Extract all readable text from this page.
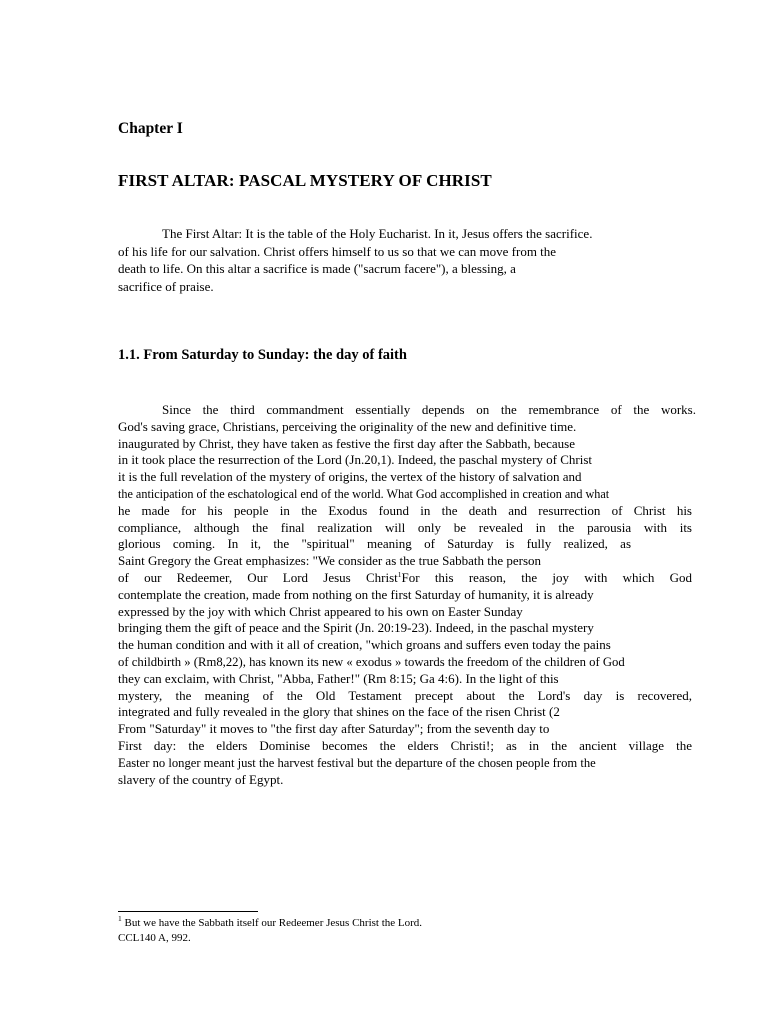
Chapter I
FIRST ALTAR: PASCAL MYSTERY OF CHRIST
The First Altar: It is the table of the Holy Eucharist. In it, Jesus offers the sacrifice.
of his life for our salvation. Christ offers himself to us so that we can move from the
death to life. On this altar a sacrifice is made ("sacrum facere"), a blessing, a
sacrifice of praise.
1.1. From Saturday to Sunday: the day of faith
Since the third commandment essentially depends on the remembrance of the works.
God's saving grace, Christians, perceiving the originality of the new and definitive time.
inaugurated by Christ, they have taken as festive the first day after the Sabbath, because
in it took place the resurrection of the Lord (Jn.20,1). Indeed, the paschal mystery of Christ
it is the full revelation of the mystery of origins, the vertex of the history of salvation and
the anticipation of the eschatological end of the world. What God accomplished in creation and what
he made for his people in the Exodus found in the death and resurrection of Christ his
compliance, although the final realization will only be revealed in the parousia with its
glorious coming. In it, the "spiritual" meaning of Saturday is fully realized, as
Saint Gregory the Great emphasizes: "We consider as the true Sabbath the person
of our Redeemer, Our Lord Jesus Christ$^1$For this reason, the joy with which God
contemplate the creation, made from nothing on the first Saturday of humanity, it is already
expressed by the joy with which Christ appeared to his own on Easter Sunday
bringing them the gift of peace and the Spirit (Jn. 20:19-23). Indeed, in the paschal mystery
the human condition and with it all of creation, "which groans and suffers even today the pains
of childbirth » (Rm8,22), has known its new « exodus » towards the freedom of the children of God
they can exclaim, with Christ, "Abba, Father!" (Rm 8:15; Ga 4:6). In the light of this
mystery, the meaning of the Old Testament precept about the Lord's day is recovered,
integrated and fully revealed in the glory that shines on the face of the risen Christ (2
From "Saturday" it moves to "the first day after Saturday"; from the seventh day to
First day: the elders Dominise becomes the elders Christi!; as in the ancient village the
Easter no longer meant just the harvest festival but the departure of the chosen people from the
slavery of the country of Egypt.
$^1$ But we have the Sabbath itself our Redeemer Jesus Christ the Lord.
CCL140 A, 992.
